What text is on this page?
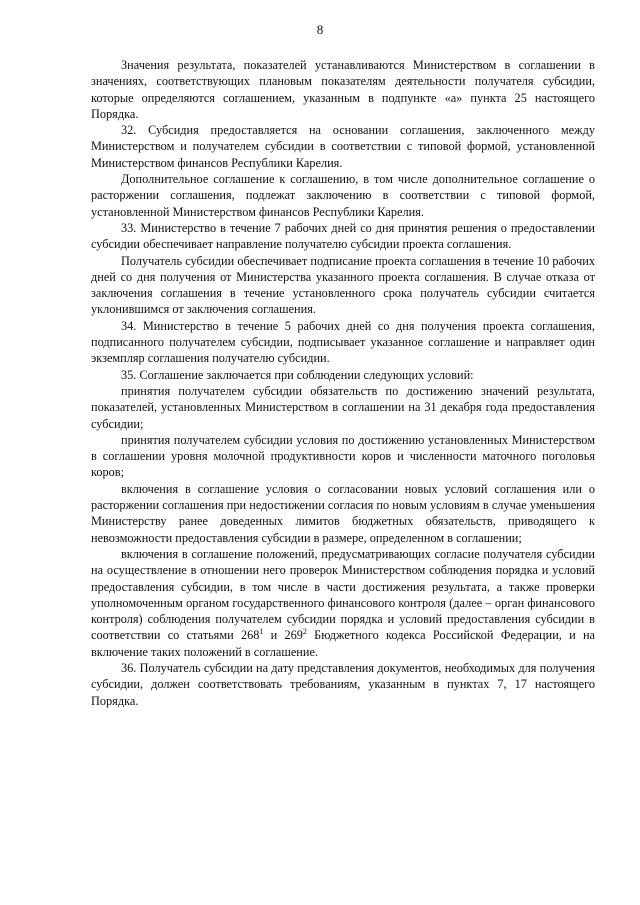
8

Значения результата, показателей устанавливаются Министерством в соглашении в значениях, соответствующих плановым показателям деятельности получателя субсидии, которые определяются соглашением, указанным в подпункте «а» пункта 25 настоящего Порядка.

32. Субсидия предоставляется на основании соглашения, заключенного между Министерством и получателем субсидии в соответствии с типовой формой, установленной Министерством финансов Республики Карелия.

Дополнительное соглашение к соглашению, в том числе дополнительное соглашение о расторжении соглашения, подлежат заключению в соответствии с типовой формой, установленной Министерством финансов Республики Карелия.

33. Министерство в течение 7 рабочих дней со дня принятия решения о предоставлении субсидии обеспечивает направление получателю субсидии проекта соглашения.

Получатель субсидии обеспечивает подписание проекта соглашения в течение 10 рабочих дней со дня получения от Министерства указанного проекта соглашения. В случае отказа от заключения соглашения в течение установленного срока получатель субсидии считается уклонившимся от заключения соглашения.

34. Министерство в течение 5 рабочих дней со дня получения проекта соглашения, подписанного получателем субсидии, подписывает указанное соглашение и направляет один экземпляр соглашения получателю субсидии.

35. Соглашение заключается при соблюдении следующих условий:

принятия получателем субсидии обязательств по достижению значений результата, показателей, установленных Министерством в соглашении на 31 декабря года предоставления субсидии;

принятия получателем субсидии условия по достижению установленных Министерством в соглашении уровня молочной продуктивности коров и численности маточного поголовья коров;

включения в соглашение условия о согласовании новых условий соглашения или о расторжении соглашения при недостижении согласия по новым условиям в случае уменьшения Министерству ранее доведенных лимитов бюджетных обязательств, приводящего к невозможности предоставления субсидии в размере, определенном в соглашении;

включения в соглашение положений, предусматривающих согласие получателя субсидии на осуществление в отношении него проверок Министерством соблюдения порядка и условий предоставления субсидии, в том числе в части достижения результата, а также проверки уполномоченным органом государственного финансового контроля (далее – орган финансового контроля) соблюдения получателем субсидии порядка и условий предоставления субсидии в соответствии со статьями $268^1$ и $269^2$ Бюджетного кодекса Российской Федерации, и на включение таких положений в соглашение.

36. Получатель субсидии на дату представления документов, необходимых для получения субсидии, должен соответствовать требованиям, указанным в пунктах 7, 17 настоящего Порядка.
